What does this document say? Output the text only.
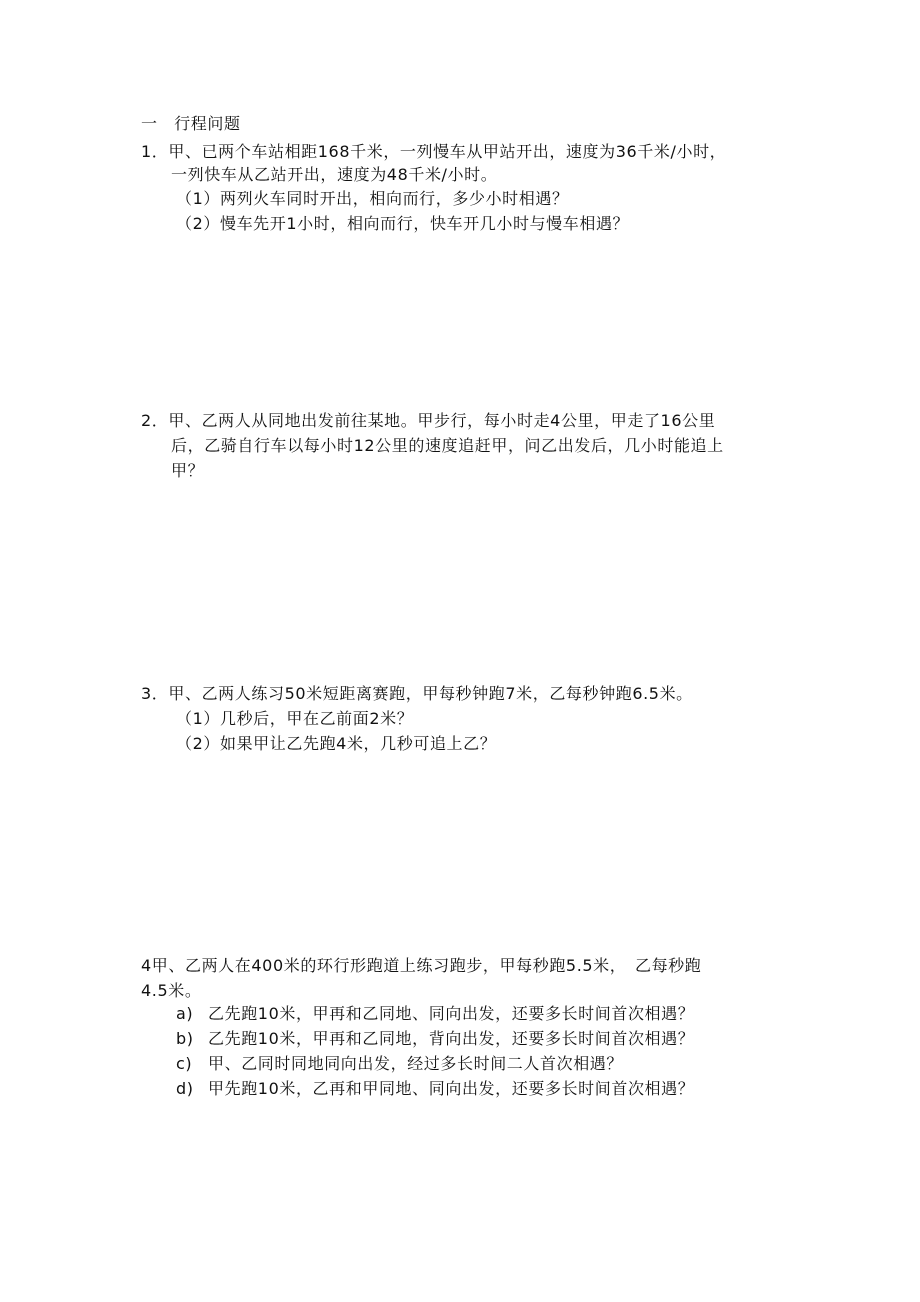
一　行程问题
1．甲、已两个车站相距168千米，一列慢车从甲站开出，速度为36千米/小时，
一列快车从乙站开出，速度为48千米/小时。
（1）两列火车同时开出，相向而行，多少小时相遇？
（2）慢车先开1小时，相向而行，快车开几小时与慢车相遇？
2．甲、乙两人从同地出发前往某地。甲步行，每小时走4公里，甲走了16公里
后，乙骑自行车以每小时12公里的速度追赶甲，问乙出发后，几小时能追上
甲？
3．甲、乙两人练习50米短距离赛跑，甲每秒钟跑7米，乙每秒钟跑6.5米。
（1）几秒后，甲在乙前面2米？
（2）如果甲让乙先跑4米，几秒可追上乙？
4甲、乙两人在400米的环行形跑道上练习跑步，甲每秒跑5.5米，　乙每秒跑
4.5米。
a) 乙先跑10米，甲再和乙同地、同向出发，还要多长时间首次相遇？
b) 乙先跑10米，甲再和乙同地，背向出发，还要多长时间首次相遇？
c) 甲、乙同时同地同向出发，经过多长时间二人首次相遇？
d) 甲先跑10米，乙再和甲同地、同向出发，还要多长时间首次相遇？
